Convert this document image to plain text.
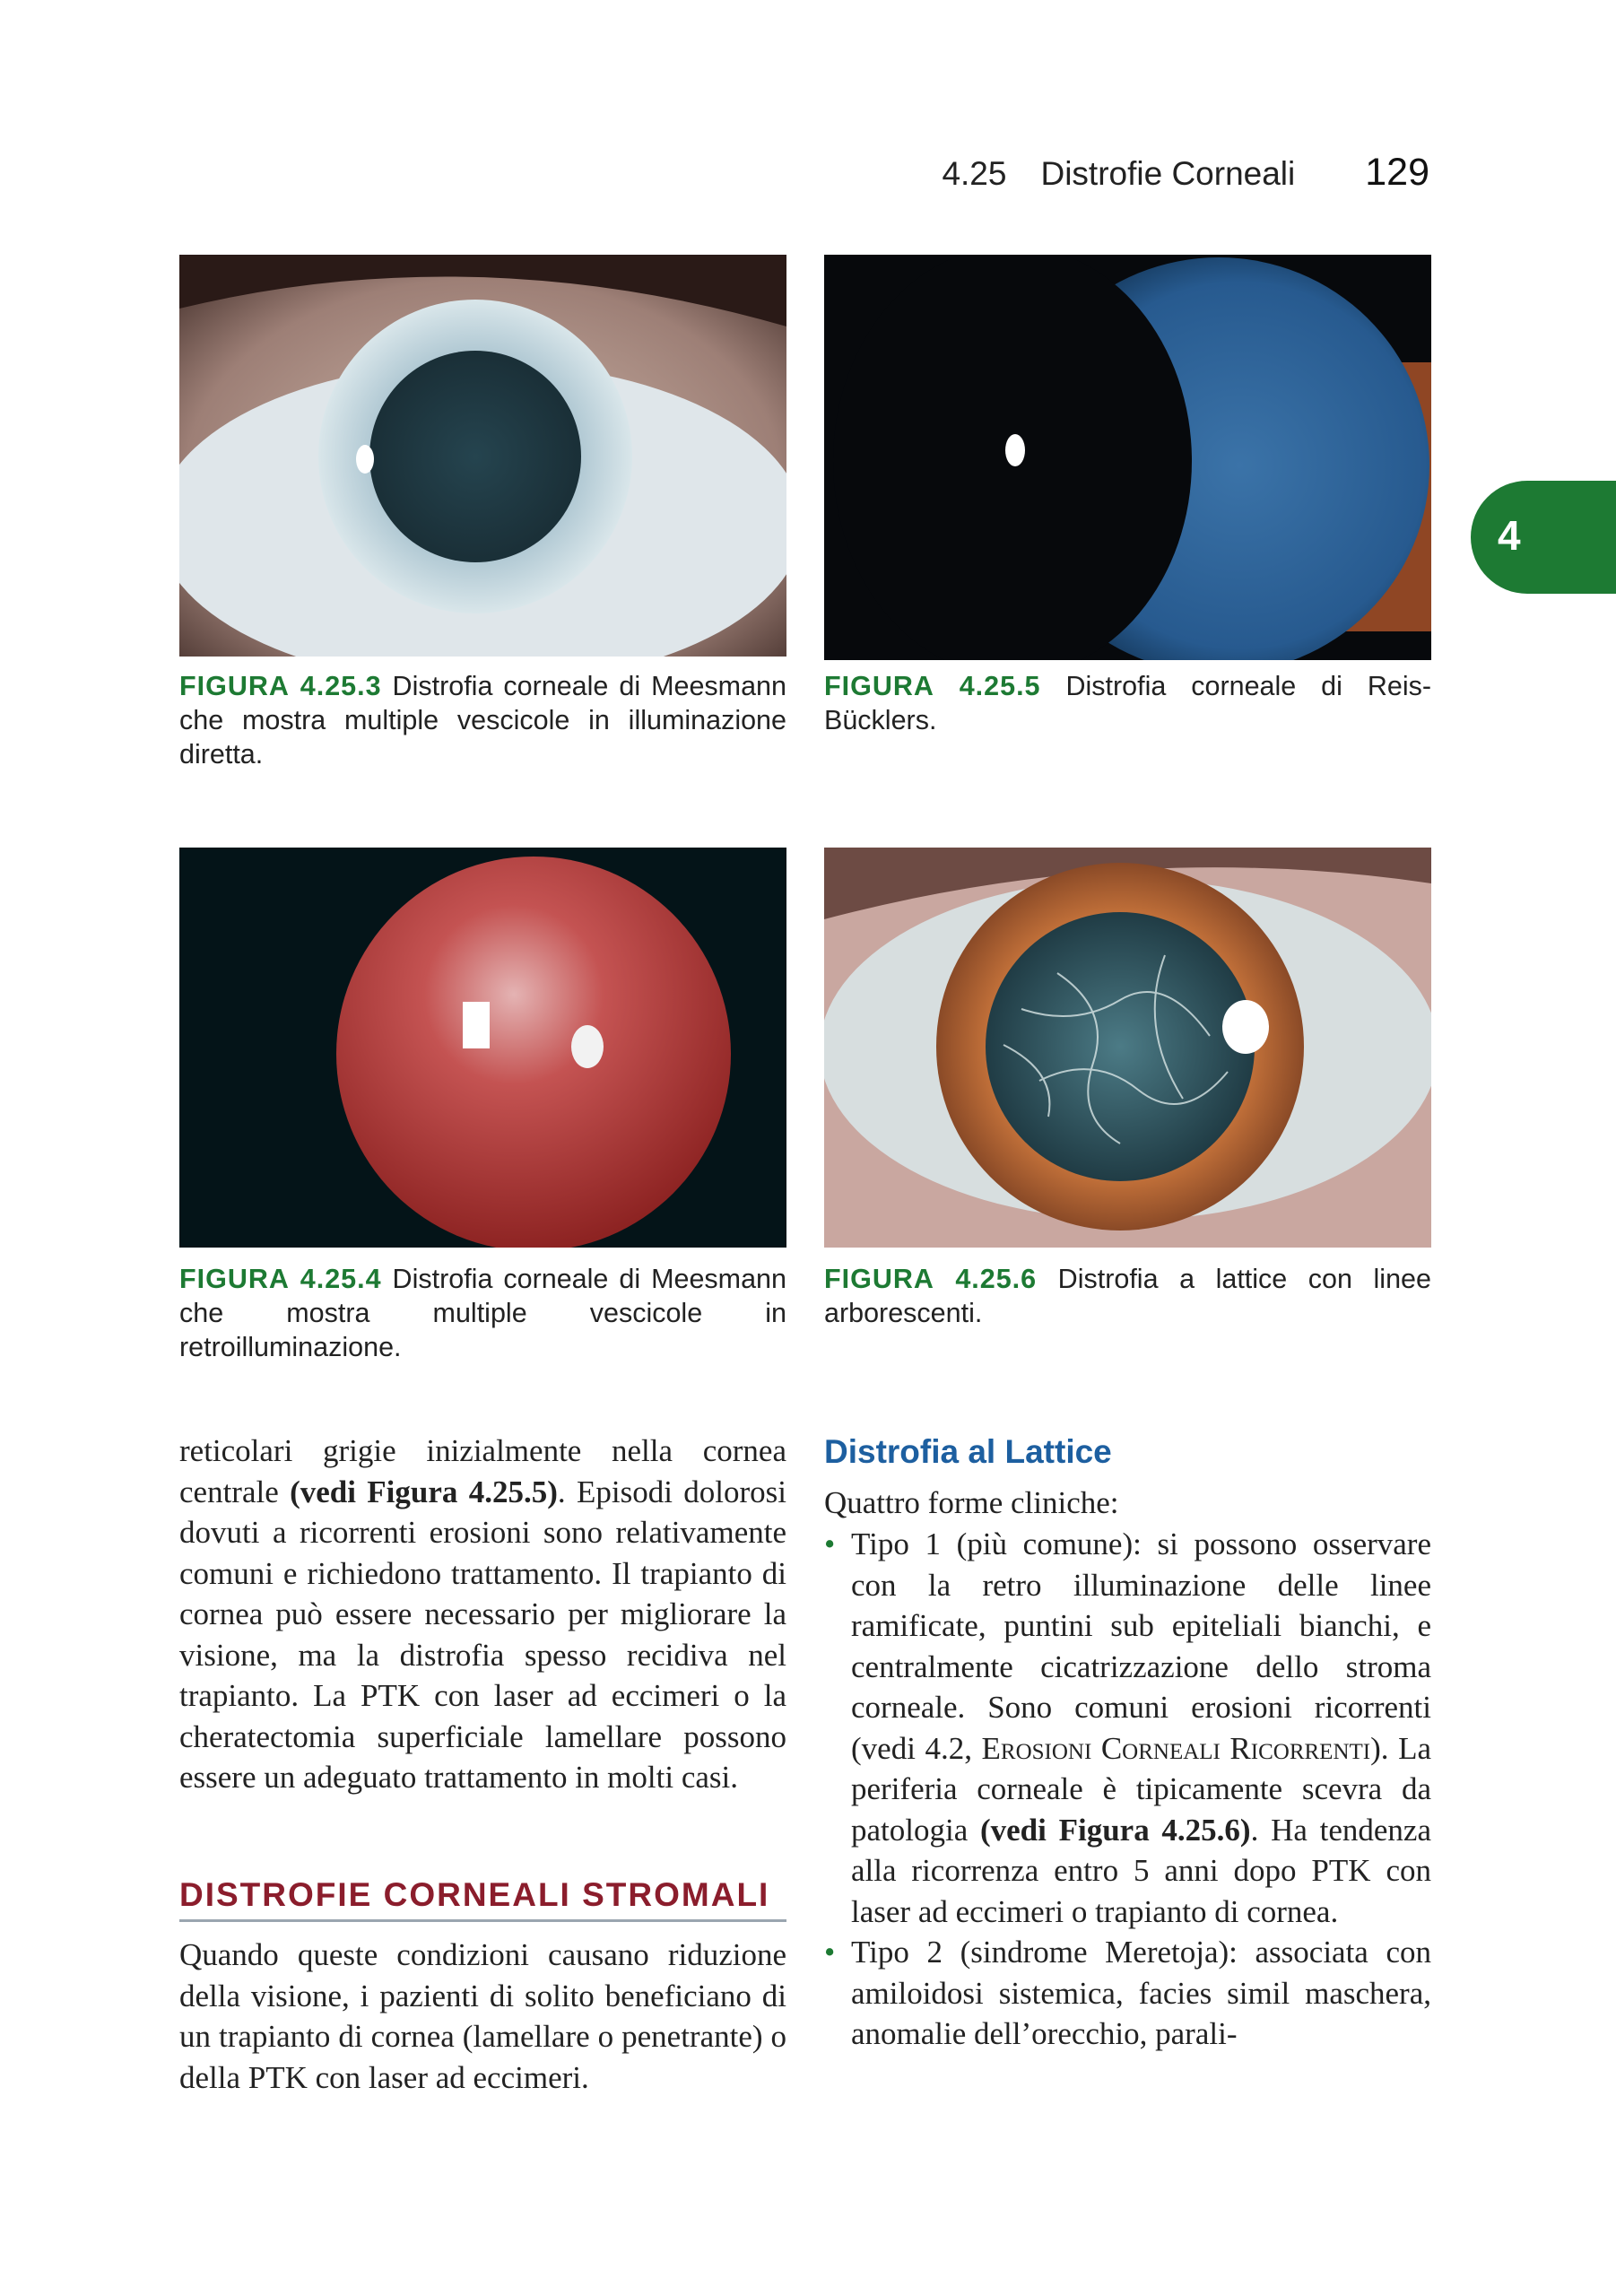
4.25 Distrofie Corneali 129
4
FIGURA 4.25.3 Distrofia corneale di Meesmann che mostra multiple vescicole in illuminazione diretta.
FIGURA 4.25.5 Distrofia corneale di Reis-Bücklers.
FIGURA 4.25.4 Distrofia corneale di Meesmann che mostra multiple vescicole in retroilluminazione.
FIGURA 4.25.6 Distrofia a lattice con linee arborescenti.
reticolari grigie inizialmente nella cornea centrale (vedi Figura 4.25.5). Episodi dolorosi dovuti a ricorrenti erosioni sono relativamente comuni e richiedono trattamento. Il trapianto di cornea può essere necessario per migliorare la visione, ma la distrofia spesso recidiva nel trapianto. La PTK con laser ad eccimeri o la cheratectomia superficiale lamellare possono essere un adeguato trattamento in molti casi.
DISTROFIE CORNEALI STROMALI
Quando queste condizioni causano riduzione della visione, i pazienti di solito beneficiano di un trapianto di cornea (lamellare o penetrante) o della PTK con laser ad eccimeri.
Distrofia al Lattice
Quattro forme cliniche:
• Tipo 1 (più comune): si possono osservare con la retro illuminazione delle linee ramificate, puntini sub epiteliali bianchi, e centralmente cicatrizzazione dello stroma corneale. Sono comuni erosioni ricorrenti (vedi 4.2, Erosioni Corneali Ricorrenti). La periferia corneale è tipicamente scevra da patologia (vedi Figura 4.25.6). Ha tendenza alla ricorrenza entro 5 anni dopo PTK con laser ad eccimeri o trapianto di cornea.
• Tipo 2 (sindrome Meretoja): associata con amiloidosi sistemica, facies simil maschera, anomalie dell’orecchio, parali-
